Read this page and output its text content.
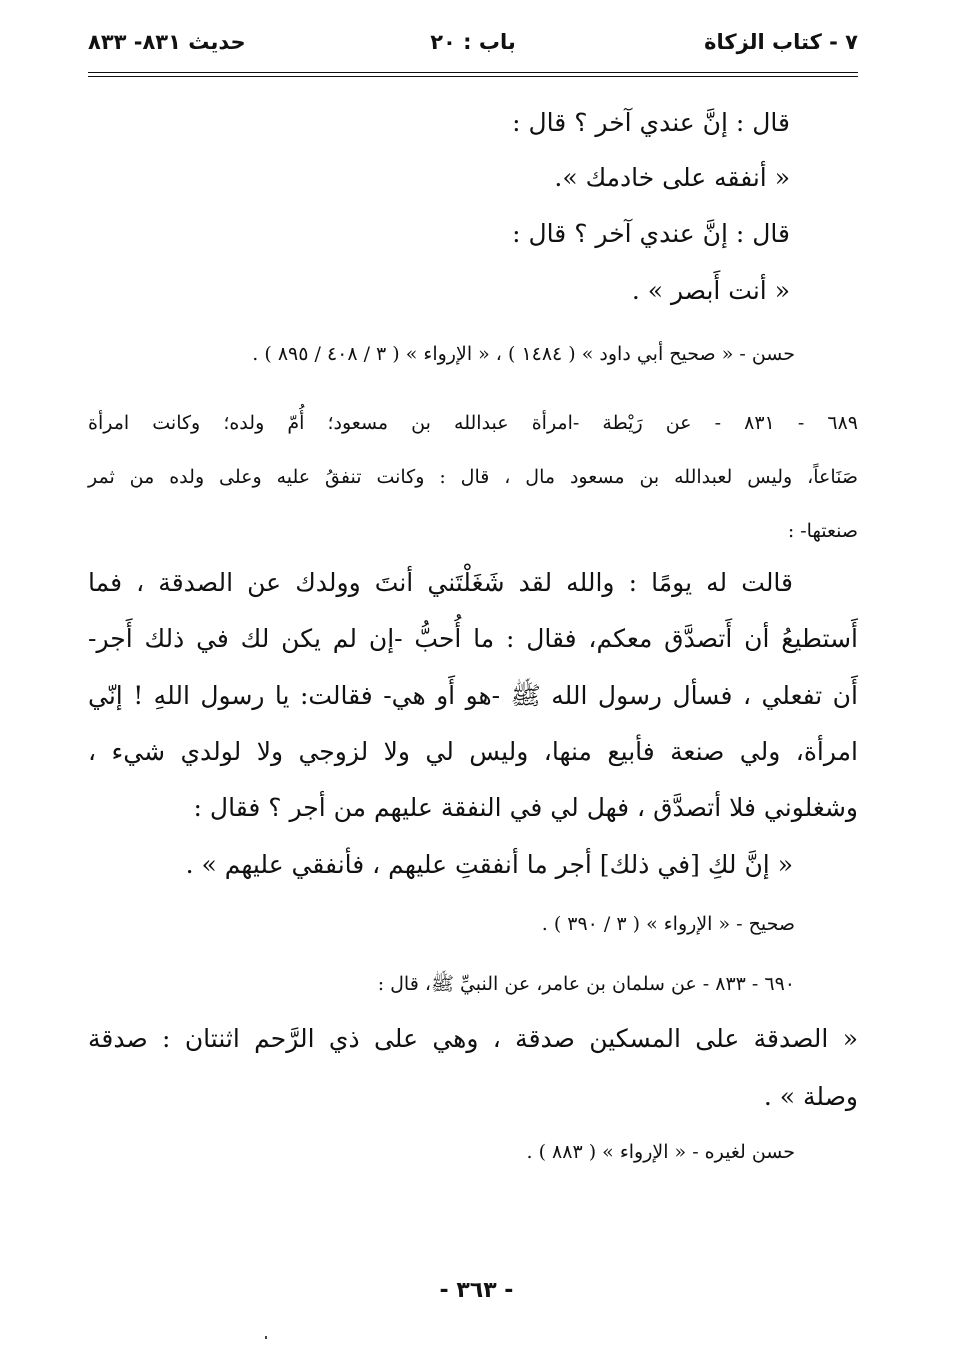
٧ - كتاب الزكاة
باب : ٢٠
حديث ٨٣١- ٨٣٣
قال : إنَّ عندي آخر ؟ قال :
« أنفقه على خادمك ».
قال : إنَّ عندي آخر ؟ قال :
« أنت أَبصر » .
حسن - « صحيح أبي داود » ( ١٤٨٤ ) ، « الإرواء » ( ٣ / ٤٠٨ / ٨٩٥ ) .
٦٨٩ - ٨٣١ - عن رَيْطة -امرأة عبدالله بن مسعود؛ أُمّ ولده؛ وكانت امرأة
صَنَاعاً، وليس لعبدالله بن مسعود مال ، قال : وكانت تنفقُ عليه وعلى ولده من ثمر
صنعتها- :
قالت له يومًا : والله لقد شَغَلْتَني أنتَ وولدك عن الصدقة ، فما
أَستطيعُ أن أَتصدَّق معكم، فقال : ما أُحبُّ -إن لم يكن لك في ذلك أَجر-
أَن تفعلي ، فسأل رسول الله ﷺ -هو أَو هي- فقالت: يا رسول اللهِ ! إنّي
امرأة، ولي صنعة فأبيع منها، وليس لي ولا لزوجي ولا لولدي شيء ،
وشغلوني فلا أتصدَّق ، فهل لي في النفقة عليهم من أجر ؟ فقال :
« إنَّ لكِ [في ذلك] أجر ما أنفقتِ عليهم ، فأنفقي عليهم » .
صحيح - « الإرواء » ( ٣ / ٣٩٠ ) .
٦٩٠ - ٨٣٣ - عن سلمان بن عامر، عن النبيِّ ﷺ، قال :
« الصدقة على المسكين صدقة ، وهي على ذي الرَّحم اثنتان : صدقة
وصلة » .
حسن لغيره - « الإرواء » ( ٨٨٣ ) .
- ٣٦٣ -
